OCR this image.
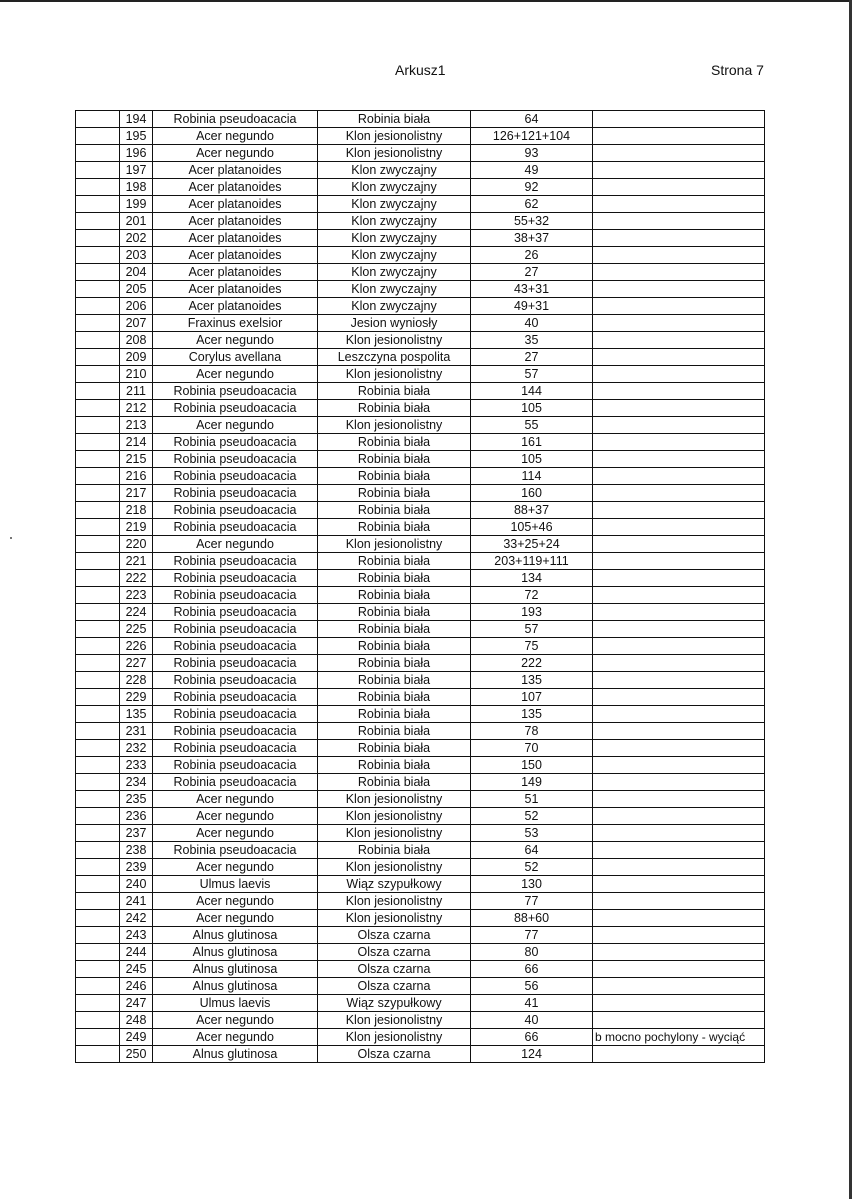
Arkusz1	Strona 7
	194	Robinia pseudoacacia	Robinia biała	64	
	195	Acer negundo	Klon jesionolistny	126+121+104	
	196	Acer negundo	Klon jesionolistny	93	
	197	Acer platanoides	Klon zwyczajny	49	
	198	Acer platanoides	Klon zwyczajny	92	
	199	Acer platanoides	Klon zwyczajny	62	
	201	Acer platanoides	Klon zwyczajny	55+32	
	202	Acer platanoides	Klon zwyczajny	38+37	
	203	Acer platanoides	Klon zwyczajny	26	
	204	Acer platanoides	Klon zwyczajny	27	
	205	Acer platanoides	Klon zwyczajny	43+31	
	206	Acer platanoides	Klon zwyczajny	49+31	
	207	Fraxinus exelsior	Jesion wyniosły	40	
	208	Acer negundo	Klon jesionolistny	35	
	209	Corylus avellana	Leszczyna pospolita	27	
	210	Acer negundo	Klon jesionolistny	57	
	211	Robinia pseudoacacia	Robinia biała	144	
	212	Robinia pseudoacacia	Robinia biała	105	
	213	Acer negundo	Klon jesionolistny	55	
	214	Robinia pseudoacacia	Robinia biała	161	
	215	Robinia pseudoacacia	Robinia biała	105	
	216	Robinia pseudoacacia	Robinia biała	114	
	217	Robinia pseudoacacia	Robinia biała	160	
	218	Robinia pseudoacacia	Robinia biała	88+37	
	219	Robinia pseudoacacia	Robinia biała	105+46	
	220	Acer negundo	Klon jesionolistny	33+25+24	
	221	Robinia pseudoacacia	Robinia biała	203+119+111	
	222	Robinia pseudoacacia	Robinia biała	134	
	223	Robinia pseudoacacia	Robinia biała	72	
	224	Robinia pseudoacacia	Robinia biała	193	
	225	Robinia pseudoacacia	Robinia biała	57	
	226	Robinia pseudoacacia	Robinia biała	75	
	227	Robinia pseudoacacia	Robinia biała	222	
	228	Robinia pseudoacacia	Robinia biała	135	
	229	Robinia pseudoacacia	Robinia biała	107	
	135	Robinia pseudoacacia	Robinia biała	135	
	231	Robinia pseudoacacia	Robinia biała	78	
	232	Robinia pseudoacacia	Robinia biała	70	
	233	Robinia pseudoacacia	Robinia biała	150	
	234	Robinia pseudoacacia	Robinia biała	149	
	235	Acer negundo	Klon jesionolistny	51	
	236	Acer negundo	Klon jesionolistny	52	
	237	Acer negundo	Klon jesionolistny	53	
	238	Robinia pseudoacacia	Robinia biała	64	
	239	Acer negundo	Klon jesionolistny	52	
	240	Ulmus laevis	Wiąz szypułkowy	130	
	241	Acer negundo	Klon jesionolistny	77	
	242	Acer negundo	Klon jesionolistny	88+60	
	243	Alnus glutinosa	Olsza czarna	77	
	244	Alnus glutinosa	Olsza czarna	80	
	245	Alnus glutinosa	Olsza czarna	66	
	246	Alnus glutinosa	Olsza czarna	56	
	247	Ulmus laevis	Wiąz szypułkowy	41	
	248	Acer negundo	Klon jesionolistny	40	
	249	Acer negundo	Klon jesionolistny	66	b mocno pochylony - wyciąć
	250	Alnus glutinosa	Olsza czarna	124	
